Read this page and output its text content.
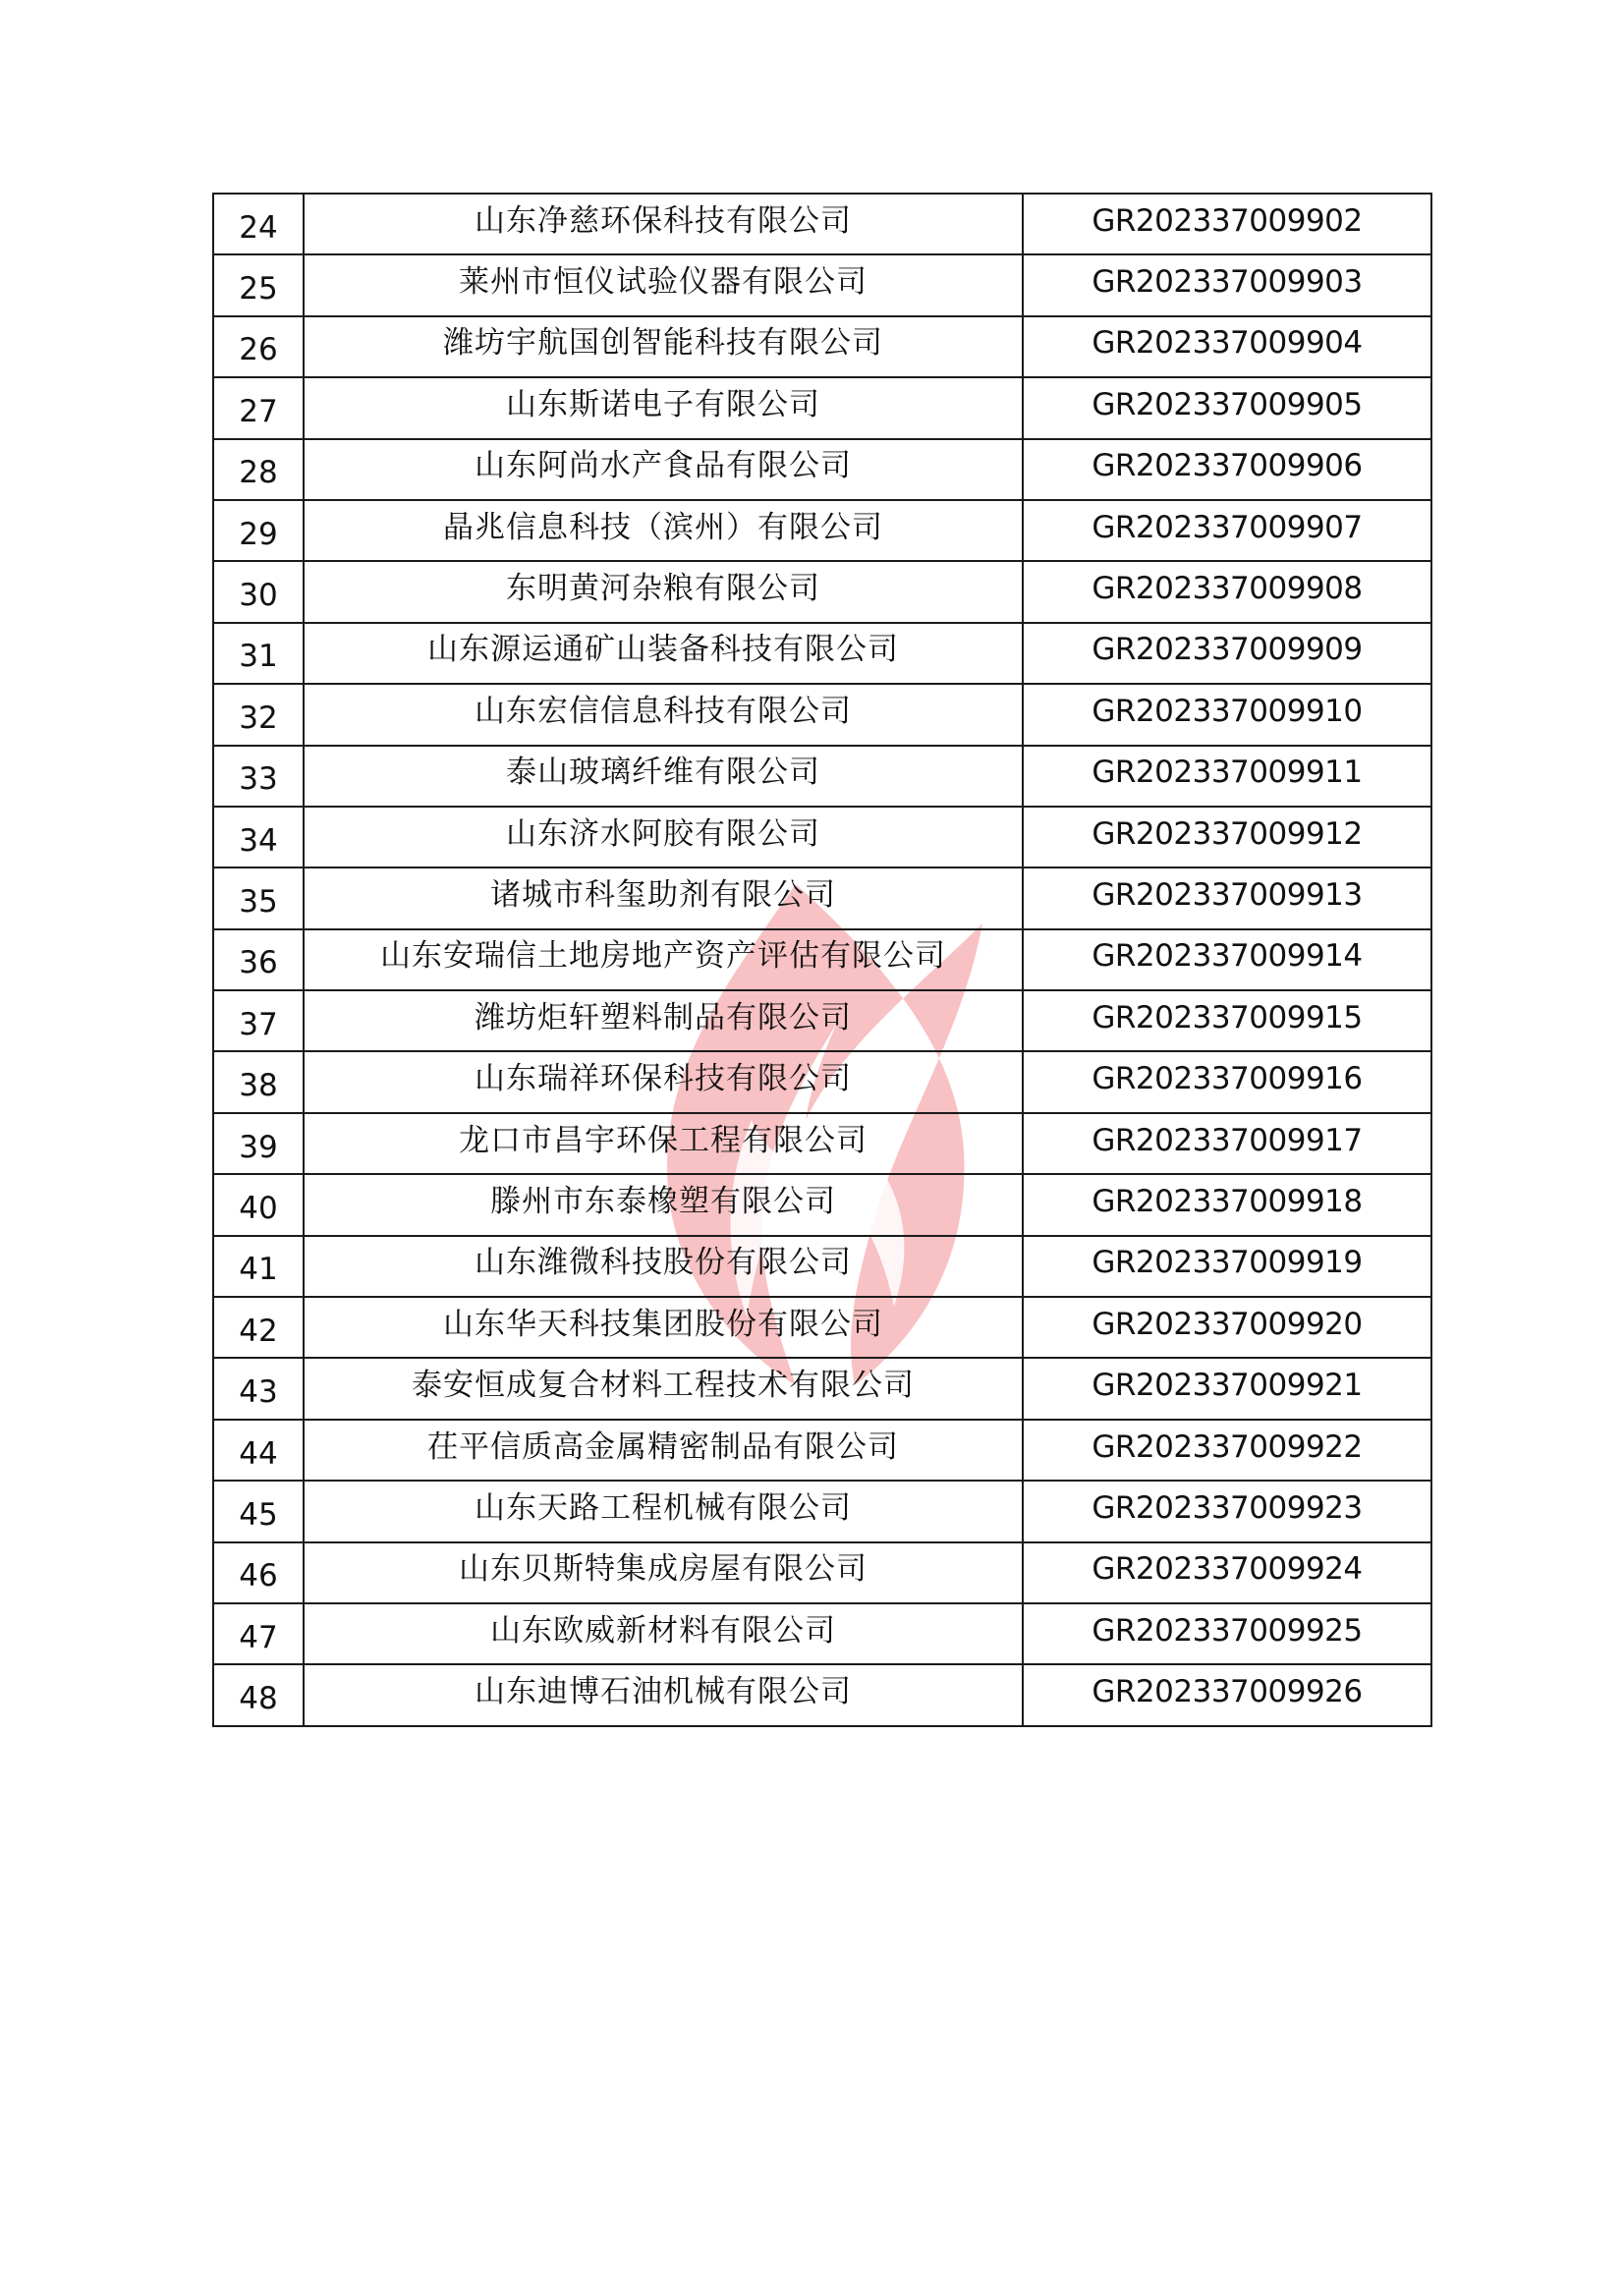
24	山东净慈环保科技有限公司	GR202337009902
25	莱州市恒仪试验仪器有限公司	GR202337009903
26	潍坊宇航国创智能科技有限公司	GR202337009904
27	山东斯诺电子有限公司	GR202337009905
28	山东阿尚水产食品有限公司	GR202337009906
29	晶兆信息科技（滨州）有限公司	GR202337009907
30	东明黄河杂粮有限公司	GR202337009908
31	山东源运通矿山装备科技有限公司	GR202337009909
32	山东宏信信息科技有限公司	GR202337009910
33	泰山玻璃纤维有限公司	GR202337009911
34	山东济水阿胶有限公司	GR202337009912
35	诸城市科玺助剂有限公司	GR202337009913
36	山东安瑞信土地房地产资产评估有限公司	GR202337009914
37	潍坊炬轩塑料制品有限公司	GR202337009915
38	山东瑞祥环保科技有限公司	GR202337009916
39	龙口市昌宇环保工程有限公司	GR202337009917
40	滕州市东泰橡塑有限公司	GR202337009918
41	山东潍微科技股份有限公司	GR202337009919
42	山东华天科技集团股份有限公司	GR202337009920
43	泰安恒成复合材料工程技术有限公司	GR202337009921
44	茌平信质高金属精密制品有限公司	GR202337009922
45	山东天路工程机械有限公司	GR202337009923
46	山东贝斯特集成房屋有限公司	GR202337009924
47	山东欧威新材料有限公司	GR202337009925
48	山东迪博石油机械有限公司	GR202337009926
